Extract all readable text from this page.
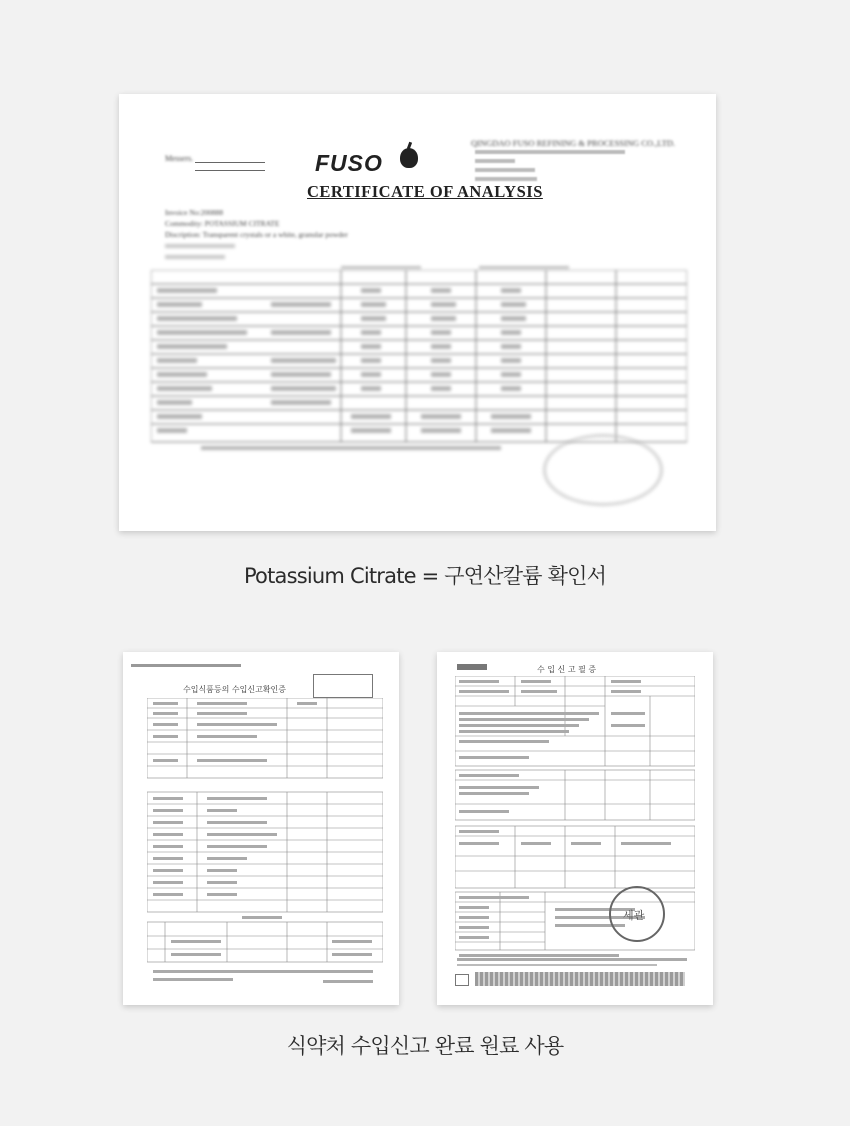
QINGDAO FUSO REFINING & PROCESSING CO.,LTD.
Messers.	FUSO
CERTIFICATE OF ANALYSIS
Invoice No:200888
Commodity: POTASSIUM CITRATE
Discription: Transparent crystals or a white, granular powder
Potassium Citrate = 구연산칼륨 확인서
수입식품등의 수입신고확인증
수 입 신 고 필 증
세관
식약처 수입신고 완료 원료 사용
